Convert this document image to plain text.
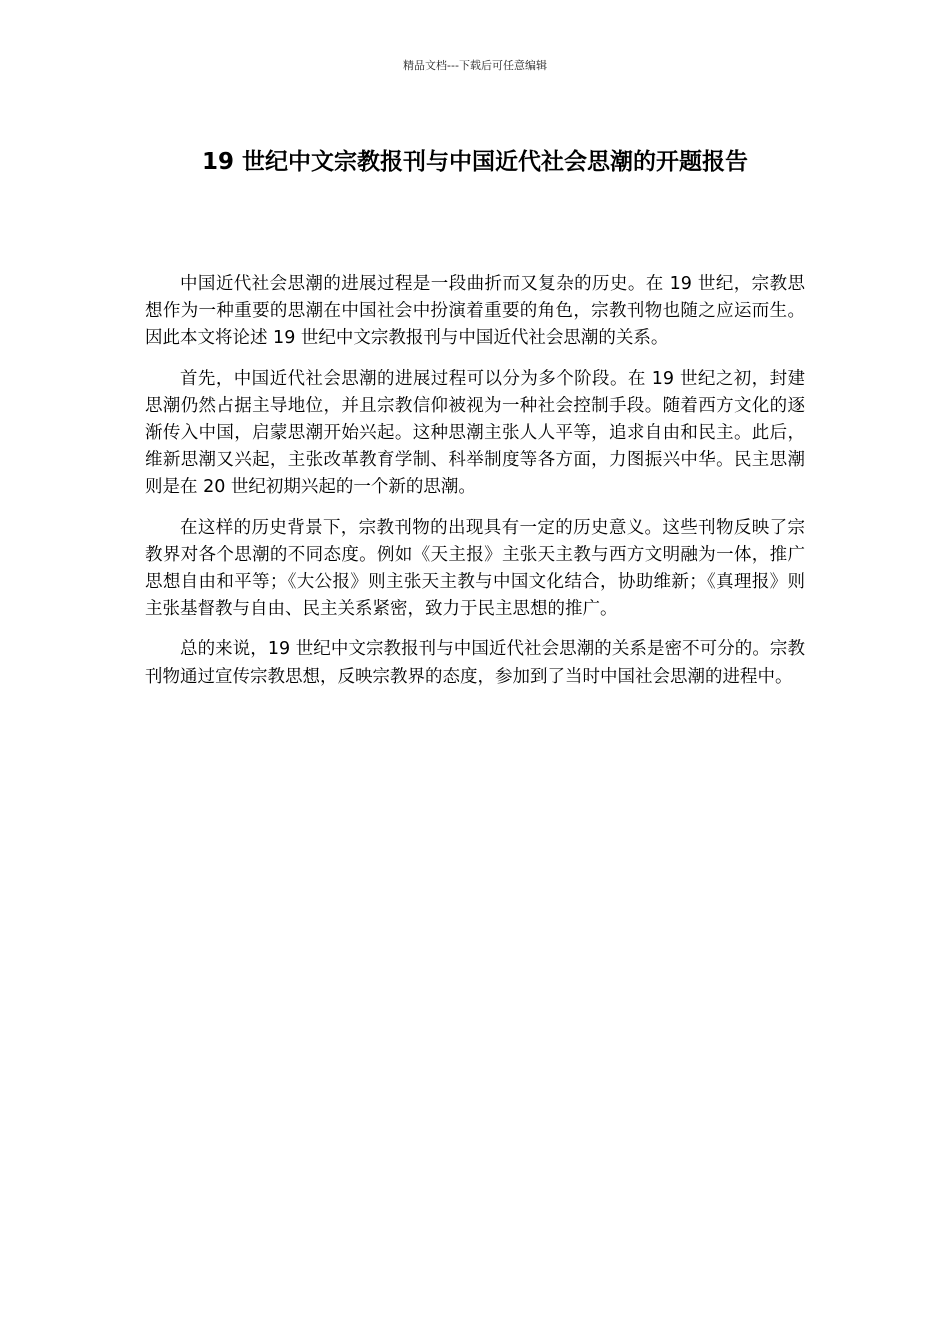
精品文档---下载后可任意编辑
19 世纪中文宗教报刊与中国近代社会思潮的开题报告

中国近代社会思潮的进展过程是一段曲折而又复杂的历史。在 19 世纪，宗教思想作为一种重要的思潮在中国社会中扮演着重要的角色，宗教刊物也随之应运而生。因此本文将论述 19 世纪中文宗教报刊与中国近代社会思潮的关系。

首先，中国近代社会思潮的进展过程可以分为多个阶段。在 19 世纪之初，封建思潮仍然占据主导地位，并且宗教信仰被视为一种社会控制手段。随着西方文化的逐渐传入中国，启蒙思潮开始兴起。这种思潮主张人人平等，追求自由和民主。此后，维新思潮又兴起，主张改革教育学制、科举制度等各方面，力图振兴中华。民主思潮则是在 20 世纪初期兴起的一个新的思潮。

在这样的历史背景下，宗教刊物的出现具有一定的历史意义。这些刊物反映了宗教界对各个思潮的不同态度。例如《天主报》主张天主教与西方文明融为一体，推广思想自由和平等；《大公报》则主张天主教与中国文化结合，协助维新；《真理报》则主张基督教与自由、民主关系紧密，致力于民主思想的推广。

总的来说，19 世纪中文宗教报刊与中国近代社会思潮的关系是密不可分的。宗教刊物通过宣传宗教思想，反映宗教界的态度，参加到了当时中国社会思潮的进程中。
